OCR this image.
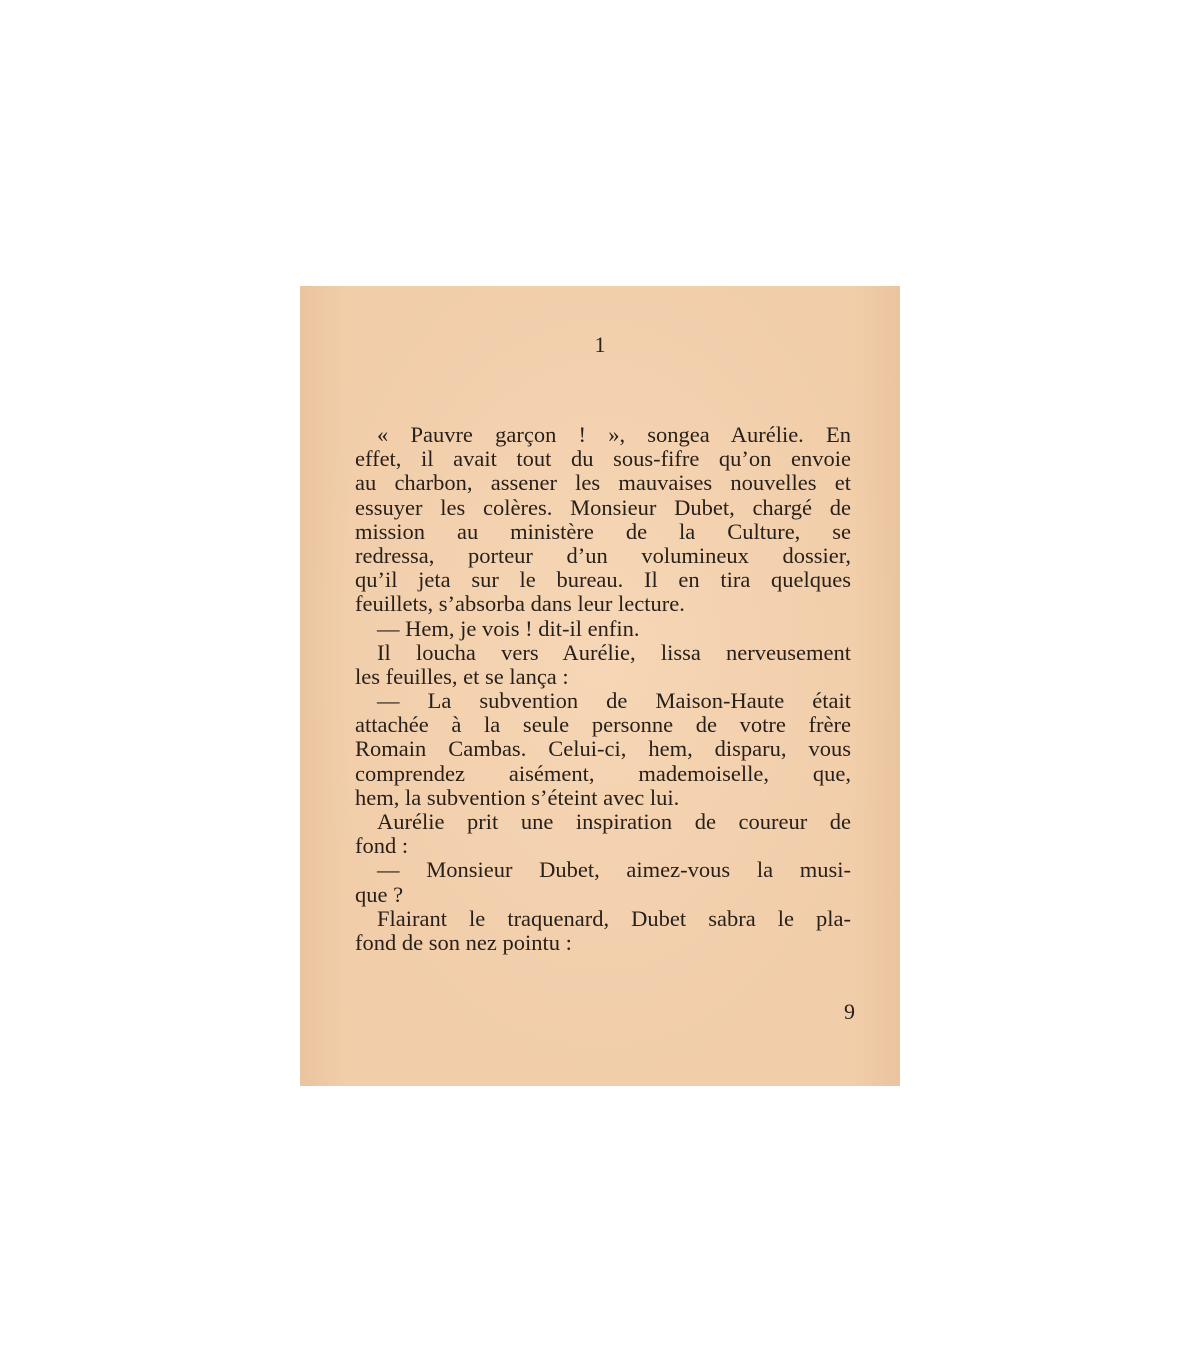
1
« Pauvre garçon ! », songea Aurélie. En
effet, il avait tout du sous-fifre qu’on envoie
au charbon, assener les mauvaises nouvelles et
essuyer les colères. Monsieur Dubet, chargé de
mission au ministère de la Culture, se
redressa, porteur d’un volumineux dossier,
qu’il jeta sur le bureau. Il en tira quelques
feuillets, s’absorba dans leur lecture.
— Hem, je vois ! dit-il enfin.
Il loucha vers Aurélie, lissa nerveusement
les feuilles, et se lança :
— La subvention de Maison-Haute était
attachée à la seule personne de votre frère
Romain Cambas. Celui-ci, hem, disparu, vous
comprendez aisément, mademoiselle, que,
hem, la subvention s’éteint avec lui.
Aurélie prit une inspiration de coureur de
fond :
— Monsieur Dubet, aimez-vous la musi-
que ?
Flairant le traquenard, Dubet sabra le pla-
fond de son nez pointu :
9
